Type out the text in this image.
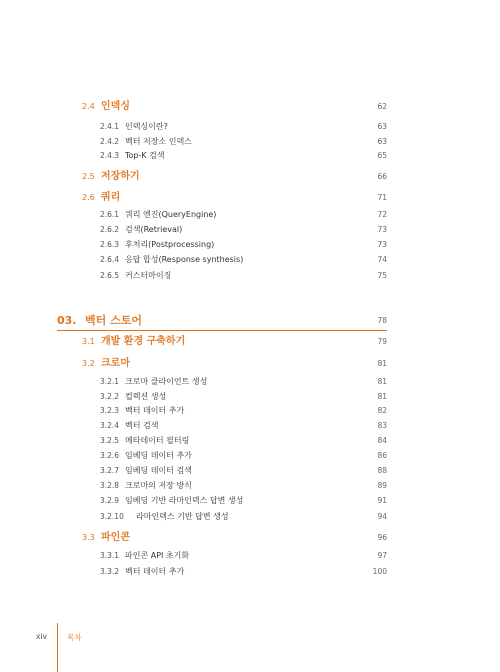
2.4 인덱싱	62
2.4.1 인덱싱이란?	63
2.4.2 벡터 저장소 인덱스	63
2.4.3 Top-K 검색	65
2.5 저장하기	66
2.6 쿼리	71
2.6.1 쿼리 엔진(QueryEngine)	72
2.6.2 검색(Retrieval)	73
2.6.3 후처리(Postprocessing)	73
2.6.4 응답 합성(Response synthesis)	74
2.6.5 커스터마이징	75
03. 벡터 스토어	78
3.1 개발 환경 구축하기	79
3.2 크로마	81
3.2.1 크로마 클라이언트 생성	81
3.2.2 컬렉션 생성	81
3.2.3 벡터 데이터 추가	82
3.2.4 벡터 검색	83
3.2.5 메타데이터 필터링	84
3.2.6 임베딩 데이터 추가	86
3.2.7 임베딩 데이터 검색	88
3.2.8 크로마의 저장 방식	89
3.2.9 임베딩 기반 라마인덱스 답변 생성	91
3.2.10 라마인덱스 기반 답변 생성	94
3.3 파인콘	96
3.3.1 파인콘 API 초기화	97
3.3.2 벡터 데이터 추가	100
xiv	목차
